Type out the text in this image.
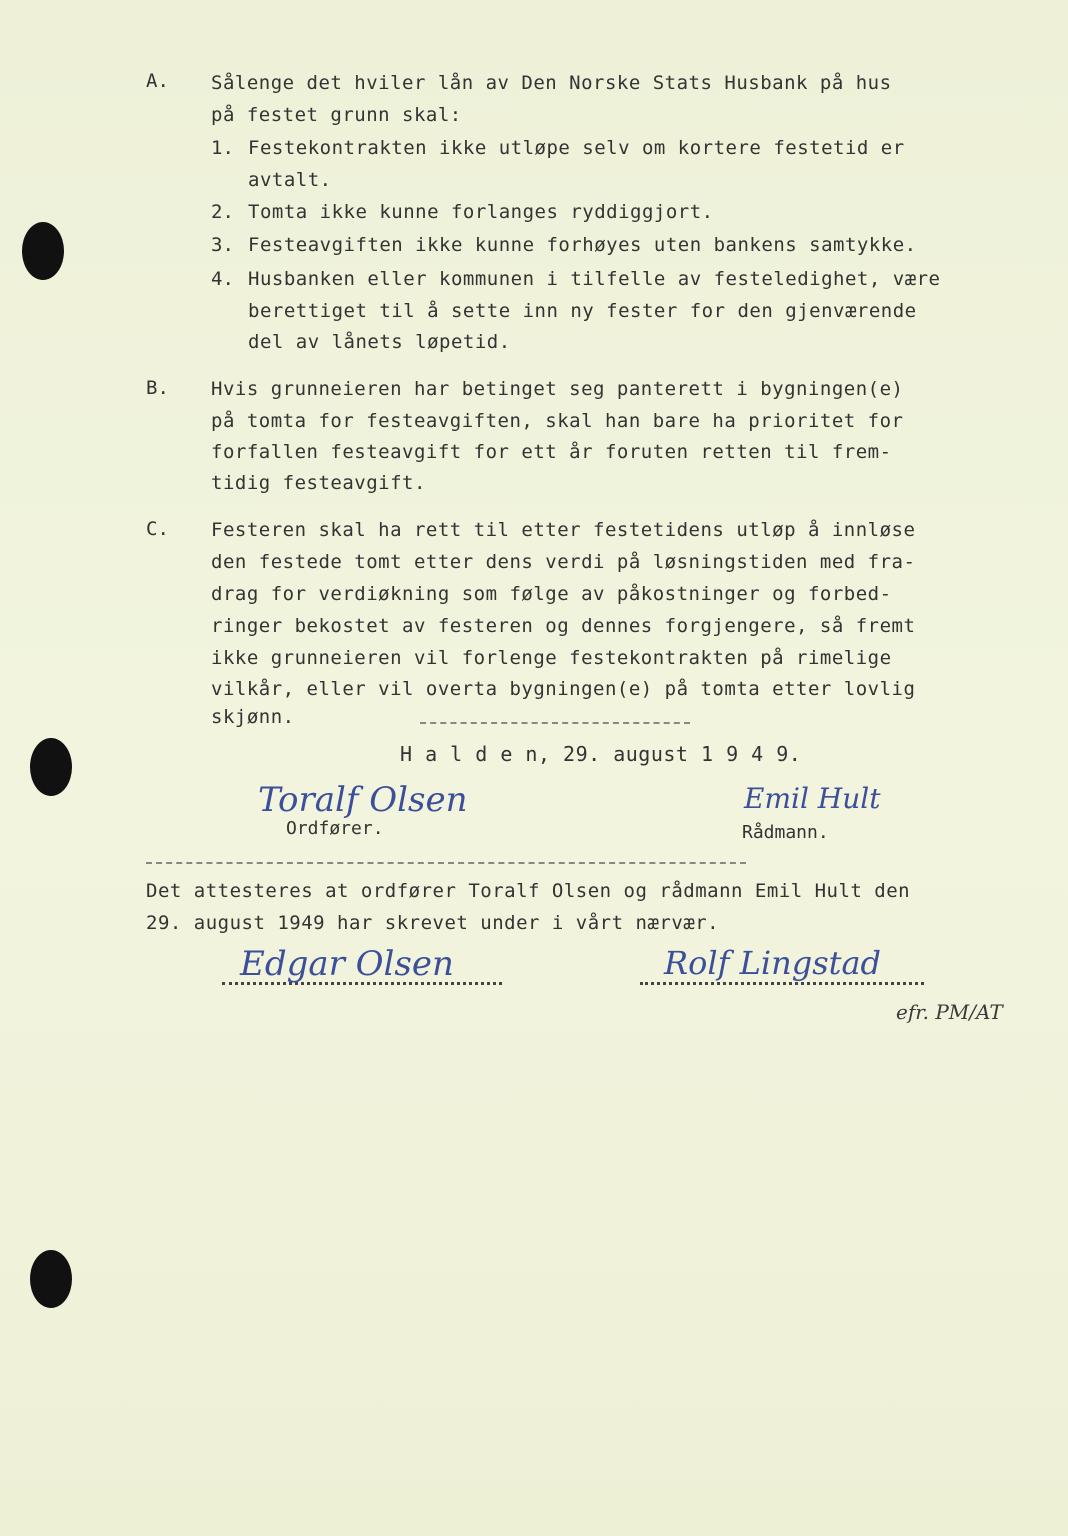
A. Sålenge det hviler lån av Den Norske Stats Husbank på hus
på festet grunn skal:
1. Festekontrakten ikke utløpe selv om kortere festetid er
avtalt.
2. Tomta ikke kunne forlanges ryddiggjort.
3. Festeavgiften ikke kunne forhøyes uten bankens samtykke.
4. Husbanken eller kommunen i tilfelle av festeledighet, være
berettiget til å sette inn ny fester for den gjenværende
del av lånets løpetid.
B. Hvis grunneieren har betinget seg panterett i bygningen(e)
på tomta for festeavgiften, skal han bare ha prioritet for
forfallen festeavgift for ett år foruten retten til frem-
tidig festeavgift.
C. Festeren skal ha rett til etter festetidens utløp å innløse
den festede tomt etter dens verdi på løsningstiden med fra-
drag for verdiøkning som følge av påkostninger og forbed-
ringer bekostet av festeren og dennes forgjengere, så fremt
ikke grunneieren vil forlenge festekontrakten på rimelige
vilkår, eller vil overta bygningen(e) på tomta etter lovlig
skjønn.
H a l d e n, 29. august 1 9 4 9.
Toralf Olsen
Ordfører.
Emil Hult
Rådmann.
Det attesteres at ordfører Toralf Olsen og rådmann Emil Hult den
29. august 1949 har skrevet under i vårt nærvær.
Edgar Olsen	Rolf Lingstad
efr. PM/AT
